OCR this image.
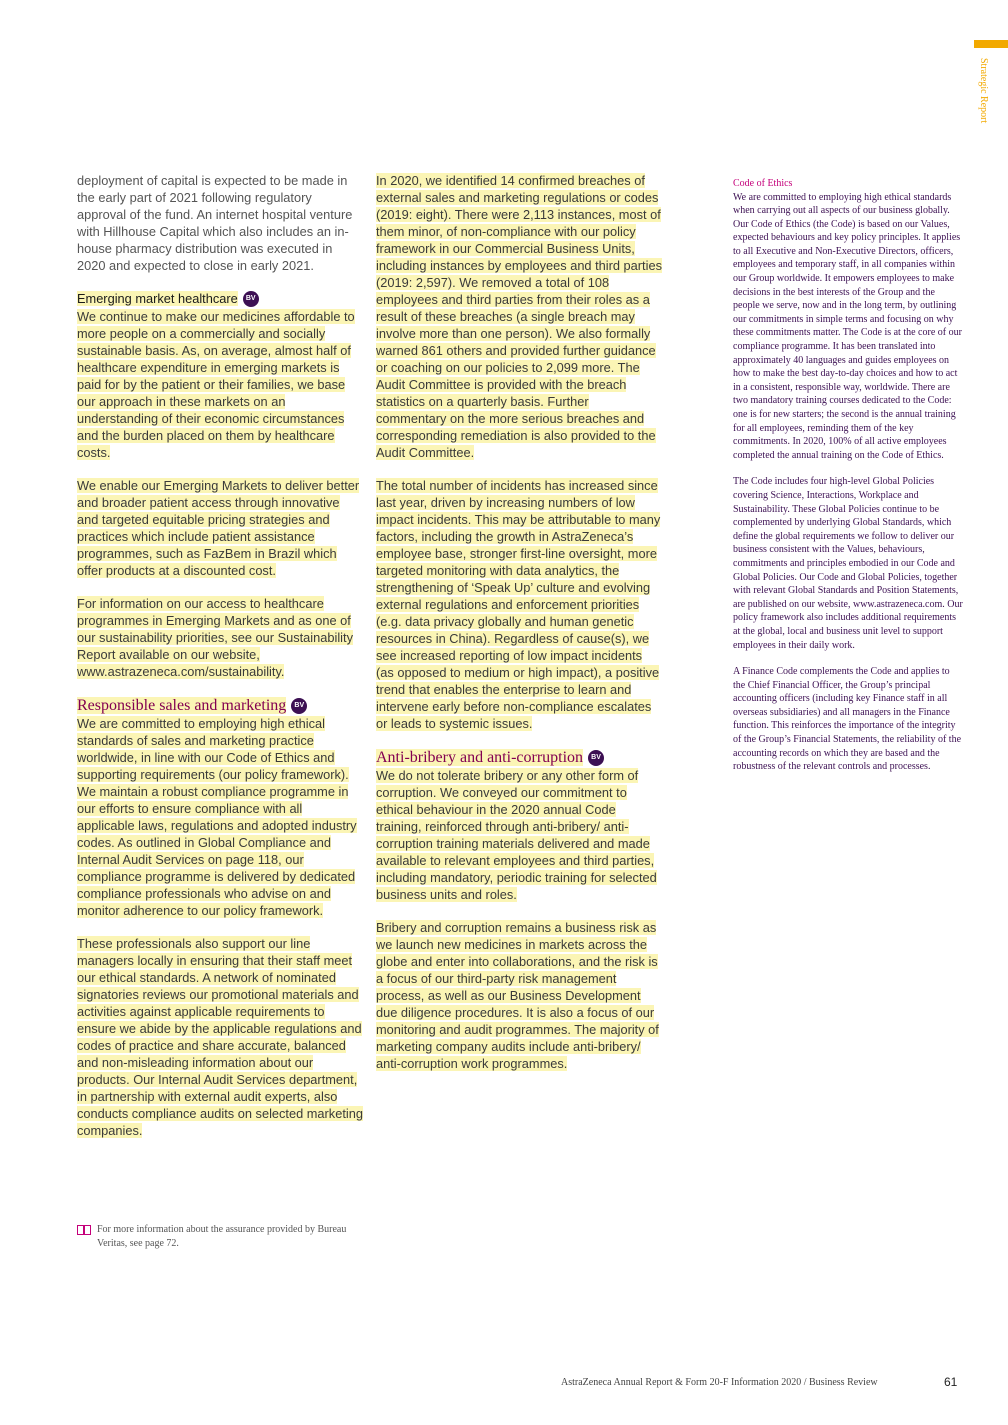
Strategic Report

deployment of capital is expected to be made in the early part of 2021 following regulatory approval of the fund. An internet hospital venture with Hillhouse Capital which also includes an in-house pharmacy distribution was executed in 2020 and expected to close in early 2021.

Emerging market healthcare BV

We continue to make our medicines affordable to more people on a commercially and socially sustainable basis. As, on average, almost half of healthcare expenditure in emerging markets is paid for by the patient or their families, we base our approach in these markets on an understanding of their economic circumstances and the burden placed on them by healthcare costs.

We enable our Emerging Markets to deliver better and broader patient access through innovative and targeted equitable pricing strategies and practices which include patient assistance programmes, such as FazBem in Brazil which offer products at a discounted cost.

For information on our access to healthcare programmes in Emerging Markets and as one of our sustainability priorities, see our Sustainability Report available on our website, www.astrazeneca.com/sustainability.

Responsible sales and marketing BV

We are committed to employing high ethical standards of sales and marketing practice worldwide, in line with our Code of Ethics and supporting requirements (our policy framework). We maintain a robust compliance programme in our efforts to ensure compliance with all applicable laws, regulations and adopted industry codes. As outlined in Global Compliance and Internal Audit Services on page 118, our compliance programme is delivered by dedicated compliance professionals who advise on and monitor adherence to our policy framework.

These professionals also support our line managers locally in ensuring that their staff meet our ethical standards. A network of nominated signatories reviews our promotional materials and activities against applicable requirements to ensure we abide by the applicable regulations and codes of practice and share accurate, balanced and non-misleading information about our products. Our Internal Audit Services department, in partnership with external audit experts, also conducts compliance audits on selected marketing companies.

In 2020, we identified 14 confirmed breaches of external sales and marketing regulations or codes (2019: eight). There were 2,113 instances, most of them minor, of non-compliance with our policy framework in our Commercial Business Units, including instances by employees and third parties (2019: 2,597). We removed a total of 108 employees and third parties from their roles as a result of these breaches (a single breach may involve more than one person). We also formally warned 861 others and provided further guidance or coaching on our policies to 2,099 more. The Audit Committee is provided with the breach statistics on a quarterly basis. Further commentary on the more serious breaches and corresponding remediation is also provided to the Audit Committee.

The total number of incidents has increased since last year, driven by increasing numbers of low impact incidents. This may be attributable to many factors, including the growth in AstraZeneca’s employee base, stronger first-line oversight, more targeted monitoring with data analytics, the strengthening of ‘Speak Up’ culture and evolving external regulations and enforcement priorities (e.g. data privacy globally and human genetic resources in China). Regardless of cause(s), we see increased reporting of low impact incidents (as opposed to medium or high impact), a positive trend that enables the enterprise to learn and intervene early before non-compliance escalates or leads to systemic issues.

Anti-bribery and anti-corruption BV

We do not tolerate bribery or any other form of corruption. We conveyed our commitment to ethical behaviour in the 2020 annual Code training, reinforced through anti-bribery/ anti-corruption training materials delivered and made available to relevant employees and third parties, including mandatory, periodic training for selected business units and roles.

Bribery and corruption remains a business risk as we launch new medicines in markets across the globe and enter into collaborations, and the risk is a focus of our third-party risk management process, as well as our Business Development due diligence procedures. It is also a focus of our monitoring and audit programmes. The majority of marketing company audits include anti-bribery/ anti-corruption work programmes.

Code of Ethics

We are committed to employing high ethical standards when carrying out all aspects of our business globally. Our Code of Ethics (the Code) is based on our Values, expected behaviours and key policy principles. It applies to all Executive and Non-Executive Directors, officers, employees and temporary staff, in all companies within our Group worldwide. It empowers employees to make decisions in the best interests of the Group and the people we serve, now and in the long term, by outlining our commitments in simple terms and focusing on why these commitments matter. The Code is at the core of our compliance programme. It has been translated into approximately 40 languages and guides employees on how to make the best day-to-day choices and how to act in a consistent, responsible way, worldwide. There are two mandatory training courses dedicated to the Code: one is for new starters; the second is the annual training for all employees, reminding them of the key commitments. In 2020, 100% of all active employees completed the annual training on the Code of Ethics.

The Code includes four high-level Global Policies covering Science, Interactions, Workplace and Sustainability. These Global Policies continue to be complemented by underlying Global Standards, which define the global requirements we follow to deliver our business consistent with the Values, behaviours, commitments and principles embodied in our Code and Global Policies. Our Code and Global Policies, together with relevant Global Standards and Position Statements, are published on our website, www.astrazeneca.com. Our policy framework also includes additional requirements at the global, local and business unit level to support employees in their daily work.

A Finance Code complements the Code and applies to the Chief Financial Officer, the Group’s principal accounting officers (including key Finance staff in all overseas subsidiaries) and all managers in the Finance function. This reinforces the importance of the integrity of the Group’s Financial Statements, the reliability of the accounting records on which they are based and the robustness of the relevant controls and processes.

For more information about the assurance provided by Bureau Veritas, see page 72.
AstraZeneca Annual Report & Form 20-F Information 2020 / Business Review	61
